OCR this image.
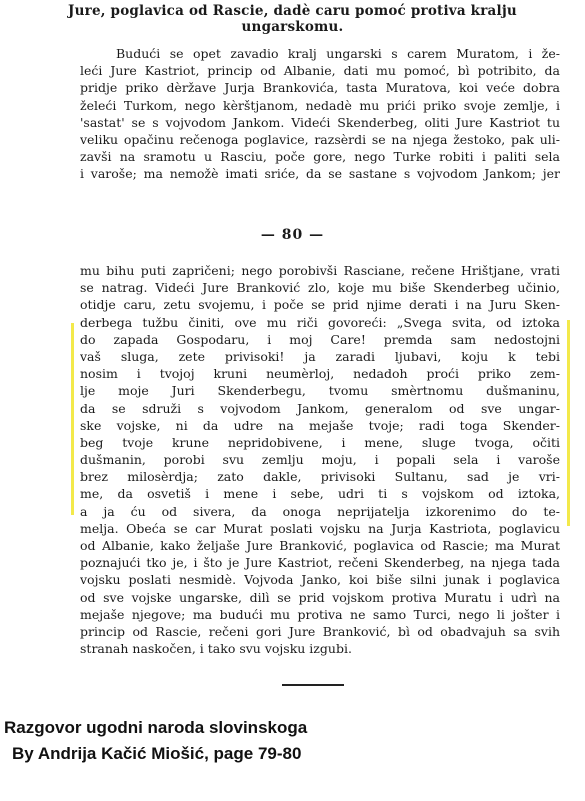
Jure, poglavica od Rascie, dadè caru pomoć protiva kralju
ungarskomu.
Budući se opet zavadio kralj ungarski s carem Muratom, i že-
leći Jure Kastriot, princip od Albanie, dati mu pomoć, bì potribito, da
pridje priko dèržave Jurja Brankovića, tasta Muratova, koi veće dobra
želeći Turkom, nego kèrštjanom, nedadè mu prići priko svoje zemlje, i
'sastat' se s vojvodom Jankom. Videći Skenderbeg, oliti Jure Kastriot tu
veliku opačinu rečenoga poglavice, razsèrdi se na njega žestoko, pak uli-
zavši na sramotu u Rasciu, poče gore, nego Turke robiti i paliti sela
i varoše; ma nemožè imati sriće, da se sastane s vojvodom Jankom; jer
— 80 —
mu bihu puti zapričeni; nego porobivši Rasciane, rečene Hrištjane, vrati
se natrag. Videći Jure Branković zlo, koje mu biše Skenderbeg učinio,
otidje caru, zetu svojemu, i poče se prid njime derati i na Juru Sken-
derbega tužbu činiti, ove mu riči govoreći: „Svega svita, od iztoka
do zapada Gospodaru, i moj Care! premda sam nedostojni
vaš sluga, zete privisoki! ja zaradi ljubavi, koju k tebi
nosim i tvojoj kruni neumèrloj, nedadoh proći priko zem-
lje moje Juri Skenderbegu, tvomu smèrtnomu dušmaninu,
da se sdruži s vojvodom Jankom, generalom od sve ungar-
ske vojske, ni da udre na mejaše tvoje; radi toga Skender-
beg tvoje krune nepridobivene, i mene, sluge tvoga, očiti
dušmanin, porobi svu zemlju moju, i popali sela i varoše
brez milosèrdja; zato dakle, privisoki Sultanu, sad je vri-
me, da osvetiš i mene i sebe, udri ti s vojskom od iztoka,
a ja ću od sivera, da onoga neprijatelja izkorenimo do te-
melja. Obeća se car Murat poslati vojsku na Jurja Kastriota, poglavicu
od Albanie, kako željaše Jure Branković, poglavica od Rascie; ma Murat
poznajući tko je, i što je Jure Kastriot, rečeni Skenderbeg, na njega tada
vojsku poslati nesmidè. Vojvoda Janko, koi biše silni junak i poglavica
od sve vojske ungarske, dilì se prid vojskom protiva Muratu i udrì na
mejaše njegove; ma budući mu protiva ne samo Turci, nego li jošter i
princip od Rascie, rečeni gori Jure Branković, bì od obadvajuh sa svih
stranah naskočen, i tako svu vojsku izgubi.
Razgovor ugodni naroda slovinskoga
By Andrija Kačić Miošić, page 79-80
